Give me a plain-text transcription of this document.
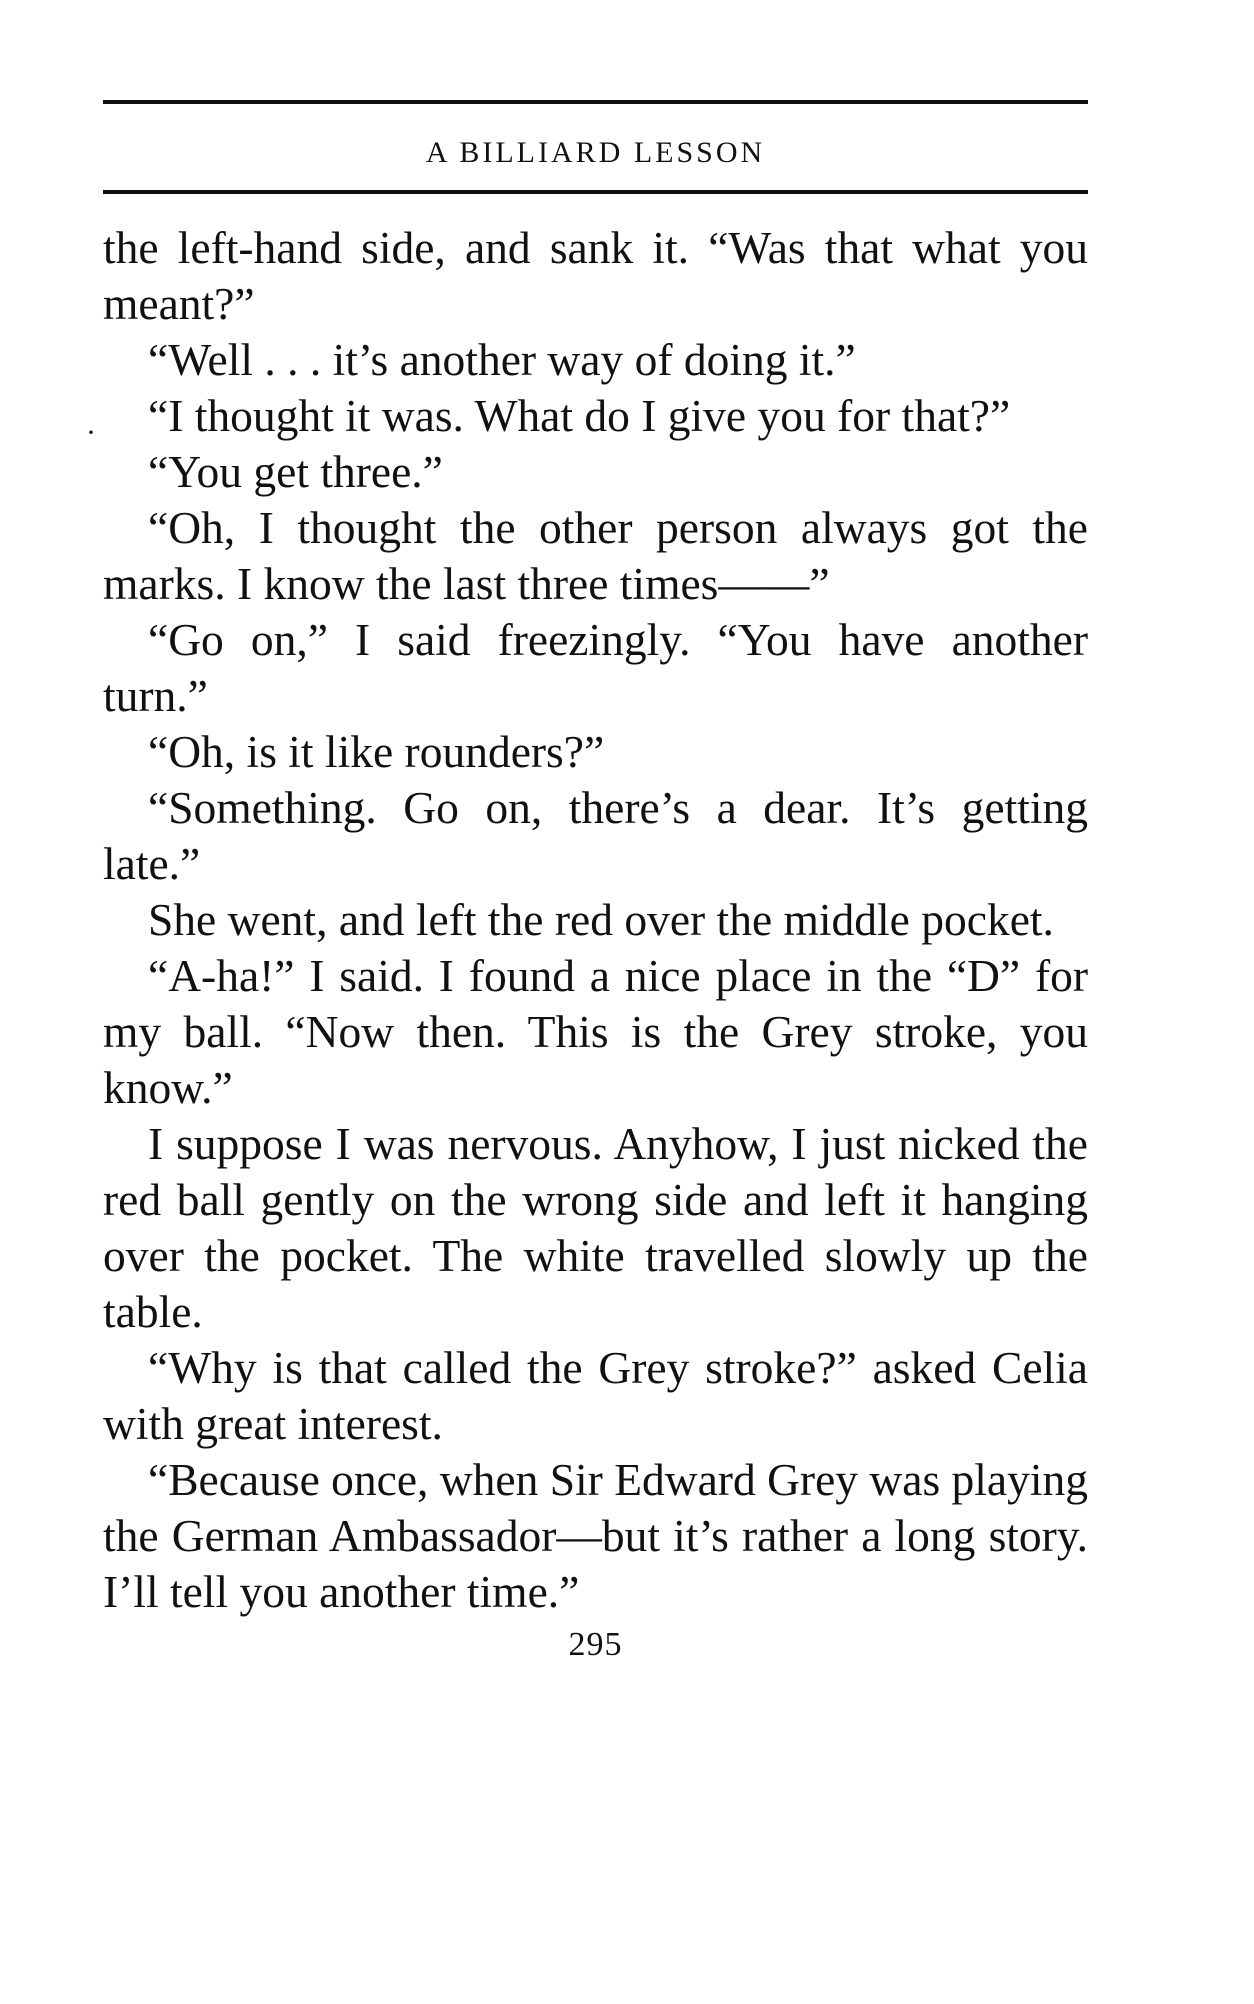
A BILLIARD LESSON

the left-hand side, and sank it. “Was that what you meant?”

“Well . . . it’s another way of doing it.”

“I thought it was. What do I give you for that?”

“You get three.”

“Oh, I thought the other person always got the marks. I know the last three times——”

“Go on,” I said freezingly. “You have another turn.”

“Oh, is it like rounders?”

“Something. Go on, there’s a dear. It’s getting late.”

She went, and left the red over the middle pocket.

“A-ha!” I said. I found a nice place in the “D” for my ball. “Now then. This is the Grey stroke, you know.”

I suppose I was nervous. Anyhow, I just nicked the red ball gently on the wrong side and left it hanging over the pocket. The white travelled slowly up the table.

“Why is that called the Grey stroke?” asked Celia with great interest.

“Because once, when Sir Edward Grey was playing the German Ambassador—but it’s rather a long story. I’ll tell you another time.”

295
·
